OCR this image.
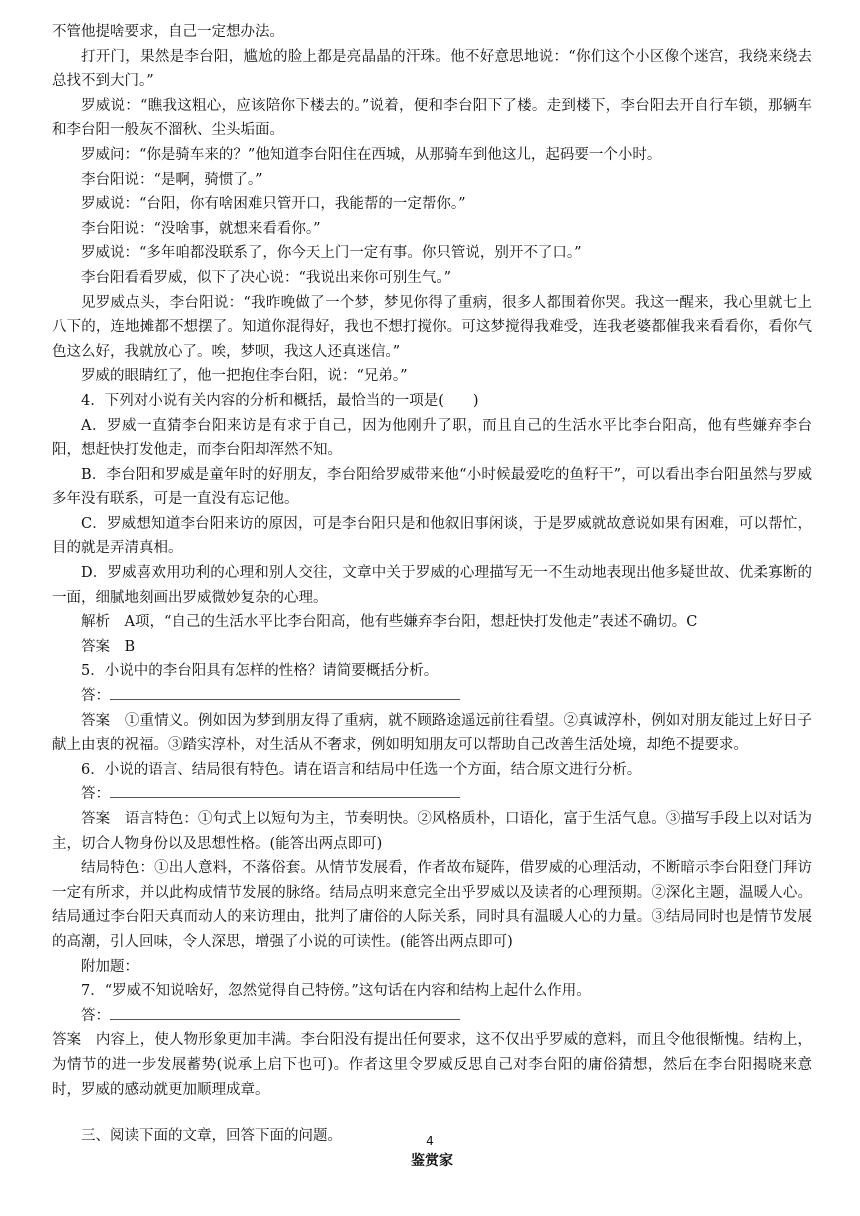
不管他提啥要求，自己一定想办法。

打开门，果然是李台阳，尴尬的脸上都是亮晶晶的汗珠。他不好意思地说：“你们这个小区像个迷宫，我绕来绕去总找不到大门。”

罗威说：“瞧我这粗心，应该陪你下楼去的。”说着，便和李台阳下了楼。走到楼下，李台阳去开自行车锁，那辆车和李台阳一般灰不溜秋、尘头垢面。

罗威问：“你是骑车来的？”他知道李台阳住在西城，从那骑车到他这儿，起码要一个小时。

李台阳说：“是啊，骑惯了。”

罗威说：“台阳，你有啥困难只管开口，我能帮的一定帮你。”

李台阳说：“没啥事，就想来看看你。”

罗威说：“多年咱都没联系了，你今天上门一定有事。你只管说，别开不了口。”

李台阳看看罗威，似下了决心说：“我说出来你可别生气。”

见罗威点头，李台阳说：“我昨晚做了一个梦，梦见你得了重病，很多人都围着你哭。我这一醒来，我心里就七上八下的，连地摊都不想摆了。知道你混得好，我也不想打搅你。可这梦搅得我难受，连我老婆都催我来看看你，看你气色这么好，我就放心了。唉，梦呗，我这人还真迷信。”

罗威的眼睛红了，他一把抱住李台阳，说：“兄弟。”

4．下列对小说有关内容的分析和概括，最恰当的一项是(　　)

A．罗威一直猜李台阳来访是有求于自己，因为他刚升了职，而且自己的生活水平比李台阳高，他有些嫌弃李台阳，想赶快打发他走，而李台阳却浑然不知。

B．李台阳和罗威是童年时的好朋友，李台阳给罗威带来他“小时候最爱吃的鱼籽干”，可以看出李台阳虽然与罗威多年没有联系，可是一直没有忘记他。

C．罗威想知道李台阳来访的原因，可是李台阳只是和他叙旧事闲谈，于是罗威就故意说如果有困难，可以帮忙，目的就是弄清真相。

D．罗威喜欢用功利的心理和别人交往，文章中关于罗威的心理描写无一不生动地表现出他多疑世故、优柔寡断的一面，细腻地刻画出罗威微妙复杂的心理。

解析　A项，“自己的生活水平比李台阳高，他有些嫌弃李台阳，想赶快打发他走”表述不确切。C

答案　B

5．小说中的李台阳具有怎样的性格？请简要概括分析。

答：

答案　①重情义。例如因为梦到朋友得了重病，就不顾路途遥远前往看望。②真诚淳朴，例如对朋友能过上好日子献上由衷的祝福。③踏实淳朴，对生活从不奢求，例如明知朋友可以帮助自己改善生活处境，却绝不提要求。

6．小说的语言、结局很有特色。请在语言和结局中任选一个方面，结合原文进行分析。

答：

答案　语言特色：①句式上以短句为主，节奏明快。②风格质朴，口语化，富于生活气息。③描写手段上以对话为主，切合人物身份以及思想性格。(能答出两点即可)

结局特色：①出人意料，不落俗套。从情节发展看，作者故布疑阵，借罗威的心理活动，不断暗示李台阳登门拜访一定有所求，并以此构成情节发展的脉络。结局点明来意完全出乎罗威以及读者的心理预期。②深化主题，温暖人心。结局通过李台阳天真而动人的来访理由，批判了庸俗的人际关系，同时具有温暖人心的力量。③结局同时也是情节发展的高潮，引人回味，令人深思，增强了小说的可读性。(能答出两点即可)

附加题：

7．“罗威不知说啥好，忽然觉得自己特傍。”这句话在内容和结构上起什么作用。

答：

答案　内容上，使人物形象更加丰满。李台阳没有提出任何要求，这不仅出乎罗威的意料，而且令他很惭愧。结构上，为情节的进一步发展蓄势(说承上启下也可)。作者这里令罗威反思自己对李台阳的庸俗猜想，然后在李台阳揭晓来意时，罗威的感动就更加顺理成章。

三、阅读下面的文章，回答下面的问题。

鉴赏家

4
